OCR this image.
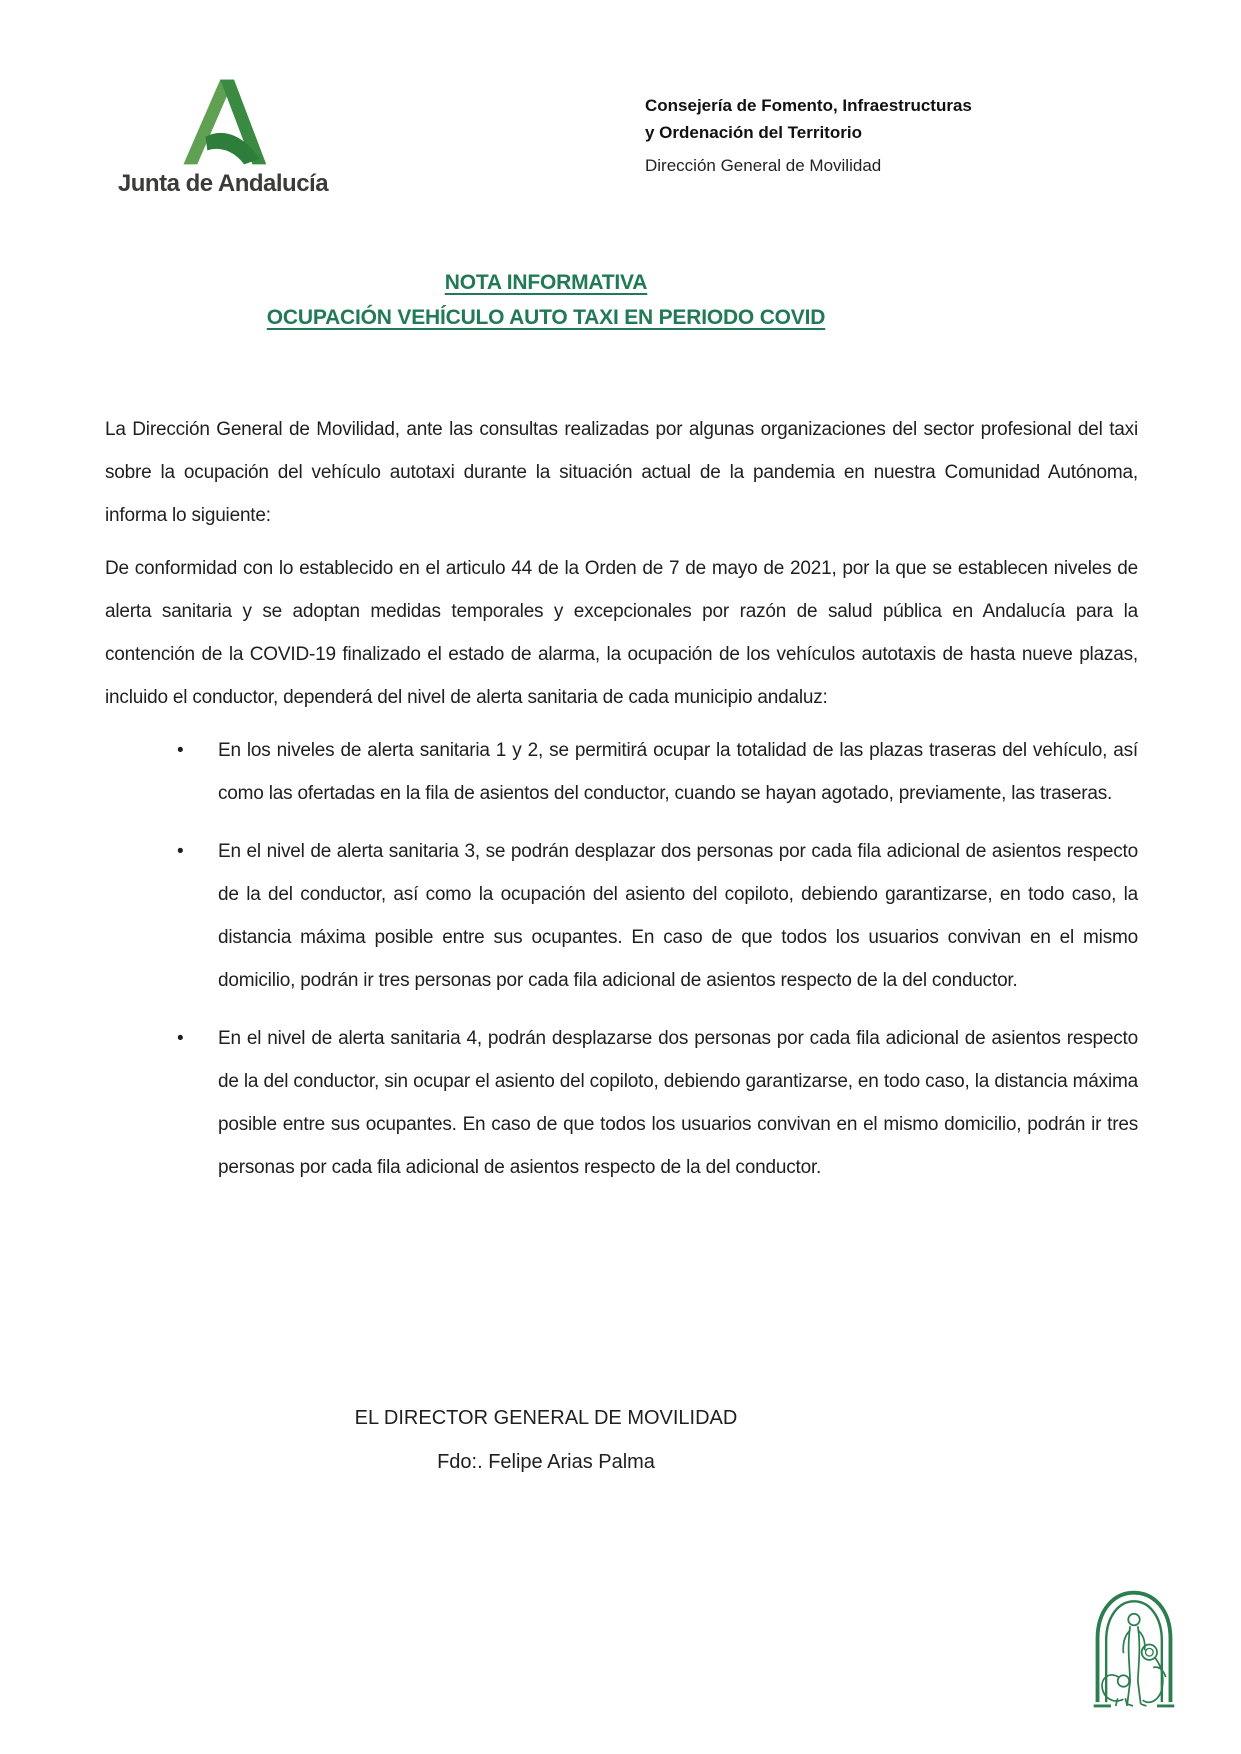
Junta de Andalucía
Consejería de Fomento, Infraestructuras
y Ordenación del Territorio
Dirección General de Movilidad
NOTA INFORMATIVA
OCUPACIÓN VEHÍCULO AUTO TAXI EN PERIODO COVID

La Dirección General de Movilidad, ante las consultas realizadas por algunas organizaciones del sector profesional del taxi sobre la ocupación del vehículo autotaxi durante la situación actual de la pandemia en nuestra Comunidad Autónoma, informa lo siguiente:

De conformidad con lo establecido en el articulo 44 de la Orden de 7 de mayo de 2021, por la que se establecen niveles de alerta sanitaria y se adoptan medidas temporales y excepcionales por razón de salud pública en Andalucía para la contención de la COVID-19 finalizado el estado de alarma, la ocupación de los vehículos autotaxis de hasta nueve plazas, incluido el conductor, dependerá del nivel de alerta sanitaria de cada municipio andaluz:

• En los niveles de alerta sanitaria 1 y 2, se permitirá ocupar la totalidad de las plazas traseras del vehículo, así como las ofertadas en la fila de asientos del conductor, cuando se hayan agotado, previamente, las traseras.
• En el nivel de alerta sanitaria 3, se podrán desplazar dos personas por cada fila adicional de asientos respecto de la del conductor, así como la ocupación del asiento del copiloto, debiendo garantizarse, en todo caso, la distancia máxima posible entre sus ocupantes. En caso de que todos los usuarios convivan en el mismo domicilio, podrán ir tres personas por cada fila adicional de asientos respecto de la del conductor.
• En el nivel de alerta sanitaria 4, podrán desplazarse dos personas por cada fila adicional de asientos respecto de la del conductor, sin ocupar el asiento del copiloto, debiendo garantizarse, en todo caso, la distancia máxima posible entre sus ocupantes. En caso de que todos los usuarios convivan en el mismo domicilio, podrán ir tres personas por cada fila adicional de asientos respecto de la del conductor.
EL DIRECTOR GENERAL DE MOVILIDAD
Fdo:. Felipe Arias Palma
